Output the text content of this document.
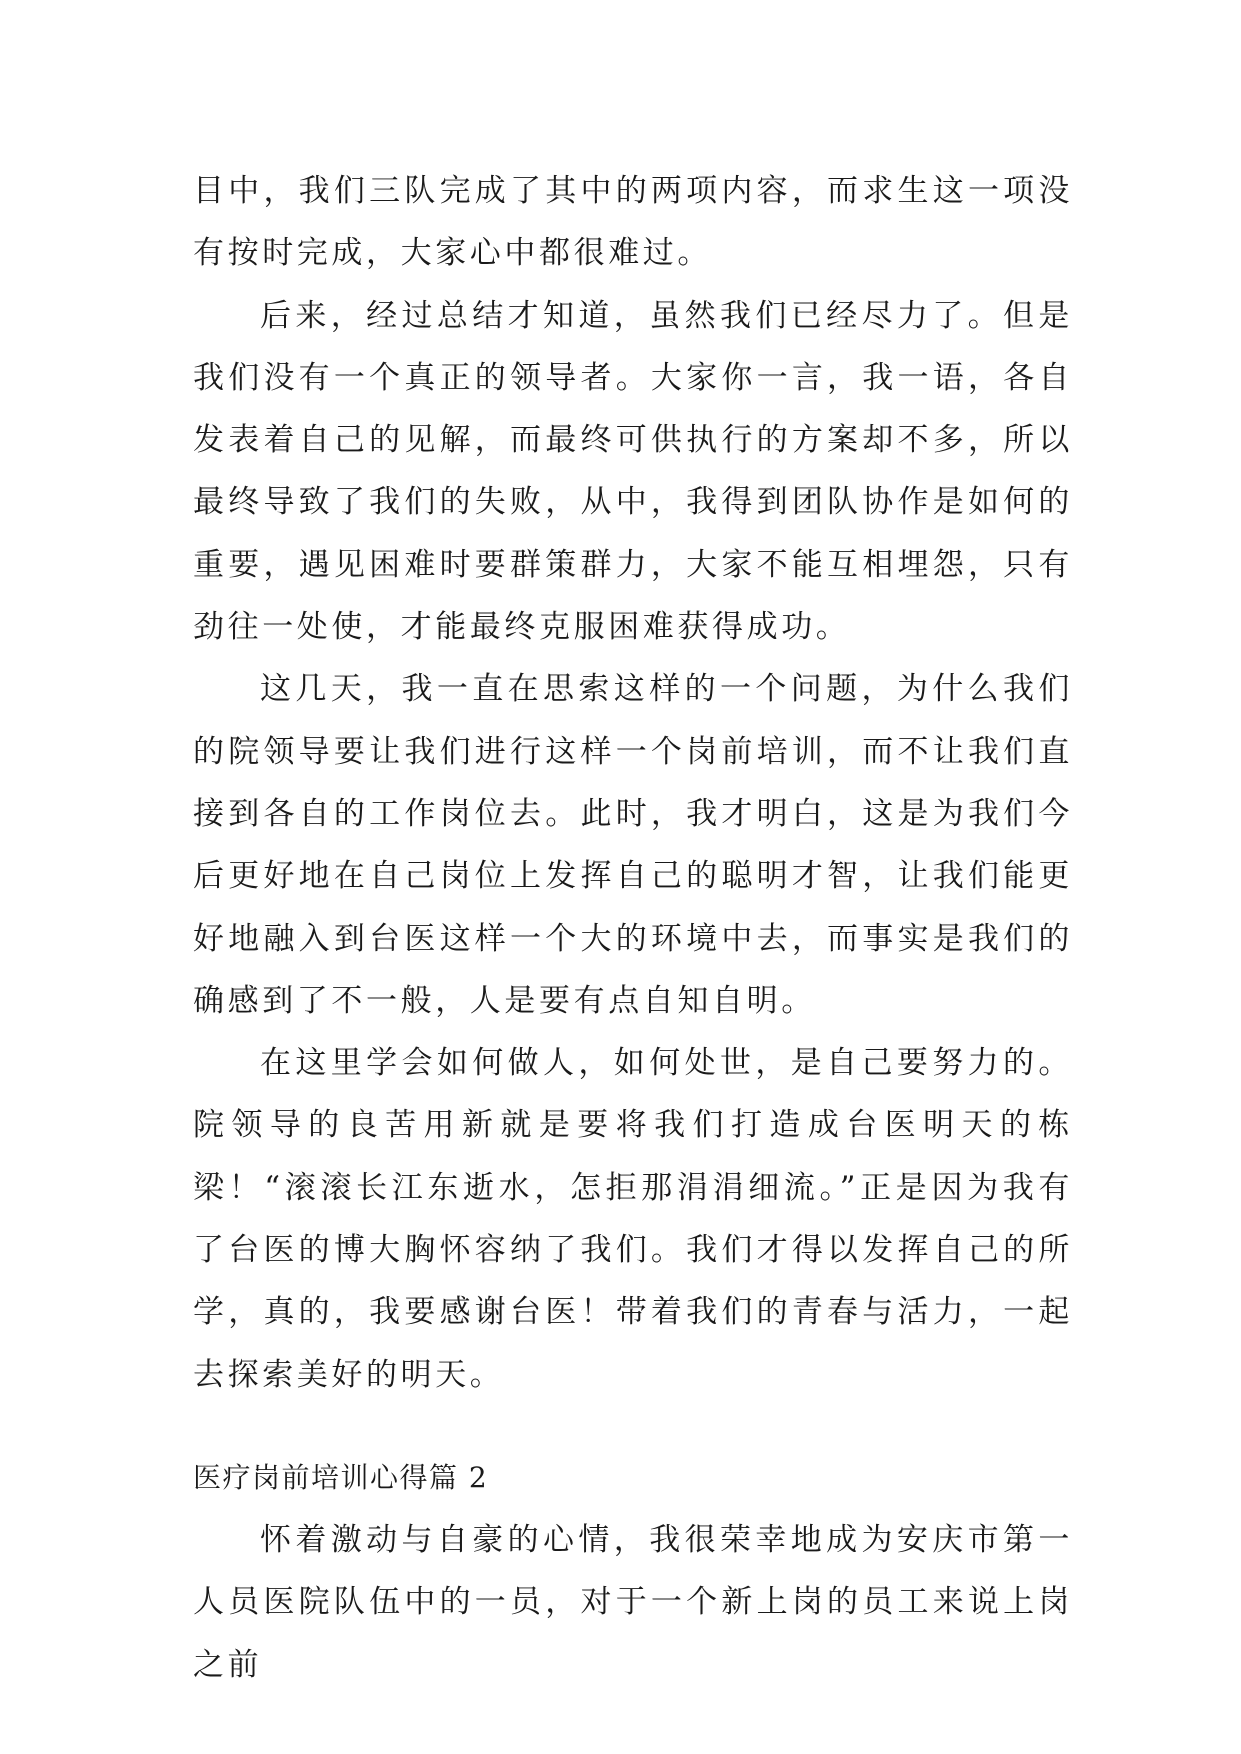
目中，我们三队完成了其中的两项内容，而求生这一项没有按时完成，大家心中都很难过。

后来，经过总结才知道，虽然我们已经尽力了。但是我们没有一个真正的领导者。大家你一言，我一语，各自发表着自己的见解，而最终可供执行的方案却不多，所以最终导致了我们的失败，从中，我得到团队协作是如何的重要，遇见困难时要群策群力，大家不能互相埋怨，只有劲往一处使，才能最终克服困难获得成功。

这几天，我一直在思索这样的一个问题，为什么我们的院领导要让我们进行这样一个岗前培训，而不让我们直接到各自的工作岗位去。此时，我才明白，这是为我们今后更好地在自己岗位上发挥自己的聪明才智，让我们能更好地融入到台医这样一个大的环境中去，而事实是我们的确感到了不一般，人是要有点自知自明。

在这里学会如何做人，如何处世，是自己要努力的。院领导的良苦用新就是要将我们打造成台医明天的栋梁！“滚滚长江东逝水，怎拒那涓涓细流。”正是因为我有了台医的博大胸怀容纳了我们。我们才得以发挥自己的所学，真的，我要感谢台医！带着我们的青春与活力，一起去探索美好的明天。

医疗岗前培训心得篇 2

怀着激动与自豪的心情，我很荣幸地成为安庆市第一人员医院队伍中的一员，对于一个新上岗的员工来说上岗之前
